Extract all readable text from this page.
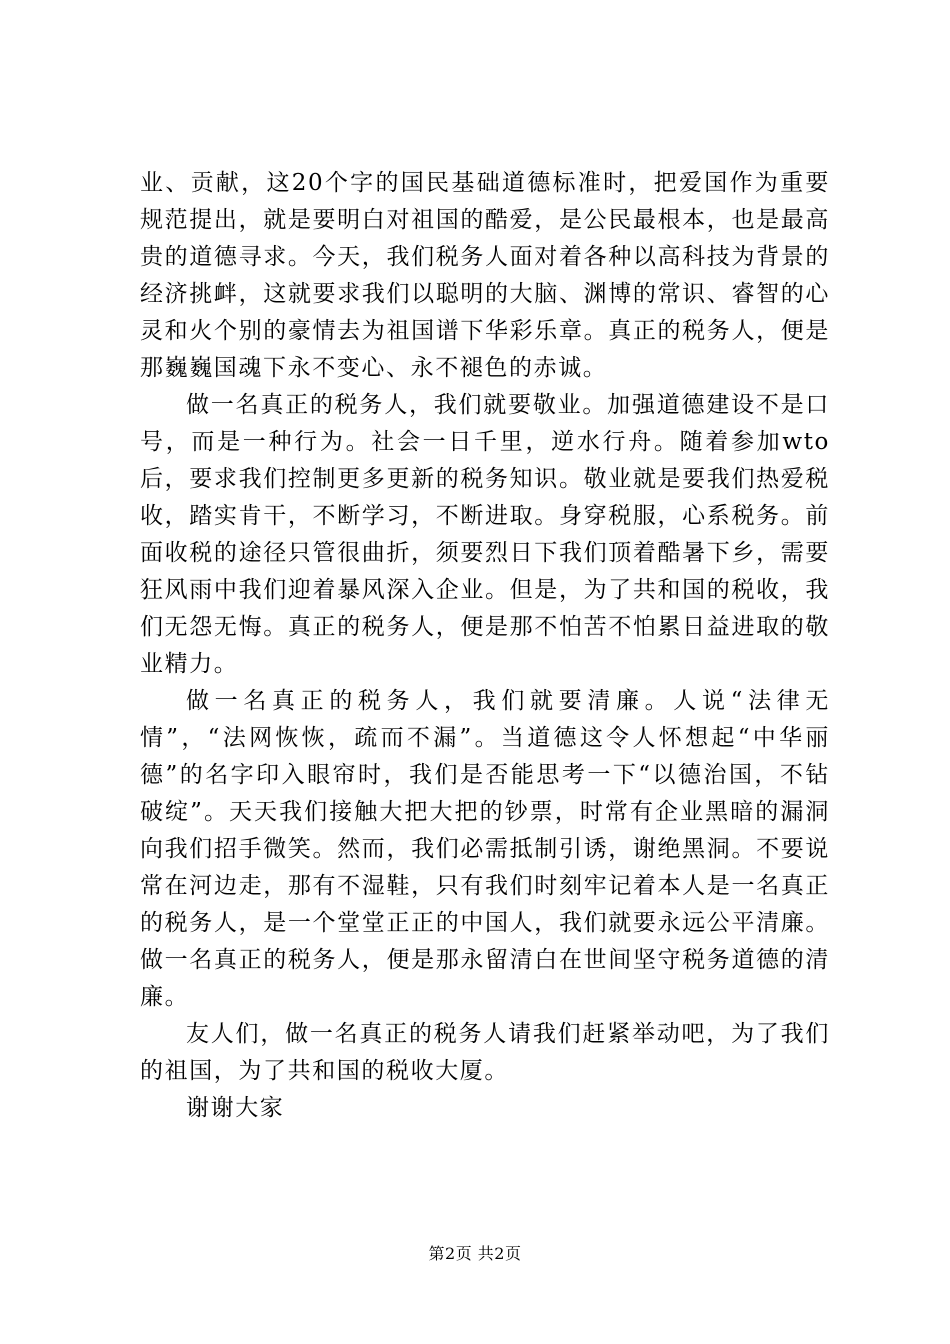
业、贡献，这20个字的国民基础道德标准时，把爱国作为重要规范提出，就是要明白对祖国的酷爱，是公民最根本，也是最高贵的道德寻求。今天，我们税务人面对着各种以高科技为背景的经济挑衅，这就要求我们以聪明的大脑、渊博的常识、睿智的心灵和火个别的豪情去为祖国谱下华彩乐章。真正的税务人，便是那巍巍国魂下永不变心、永不褪色的赤诚。

做一名真正的税务人，我们就要敬业。加强道德建设不是口号，而是一种行为。社会一日千里，逆水行舟。随着参加wto后，要求我们控制更多更新的税务知识。敬业就是要我们热爱税收，踏实肯干，不断学习，不断进取。身穿税服，心系税务。前面收税的途径只管很曲折，须要烈日下我们顶着酷暑下乡，需要狂风雨中我们迎着暴风深入企业。但是，为了共和国的税收，我们无怨无悔。真正的税务人，便是那不怕苦不怕累日益进取的敬业精力。

做一名真正的税务人，我们就要清廉。人说“法律无情”，“法网恢恢，疏而不漏”。当道德这令人怀想起“中华丽德”的名字印入眼帘时，我们是否能思考一下“以德治国，不钻破绽”。天天我们接触大把大把的钞票，时常有企业黑暗的漏洞向我们招手微笑。然而，我们必需抵制引诱，谢绝黑洞。不要说常在河边走，那有不湿鞋，只有我们时刻牢记着本人是一名真正的税务人，是一个堂堂正正的中国人，我们就要永远公平清廉。做一名真正的税务人，便是那永留清白在世间坚守税务道德的清廉。

友人们，做一名真正的税务人请我们赶紧举动吧，为了我们的祖国，为了共和国的税收大厦。

谢谢大家

第2页 共2页
